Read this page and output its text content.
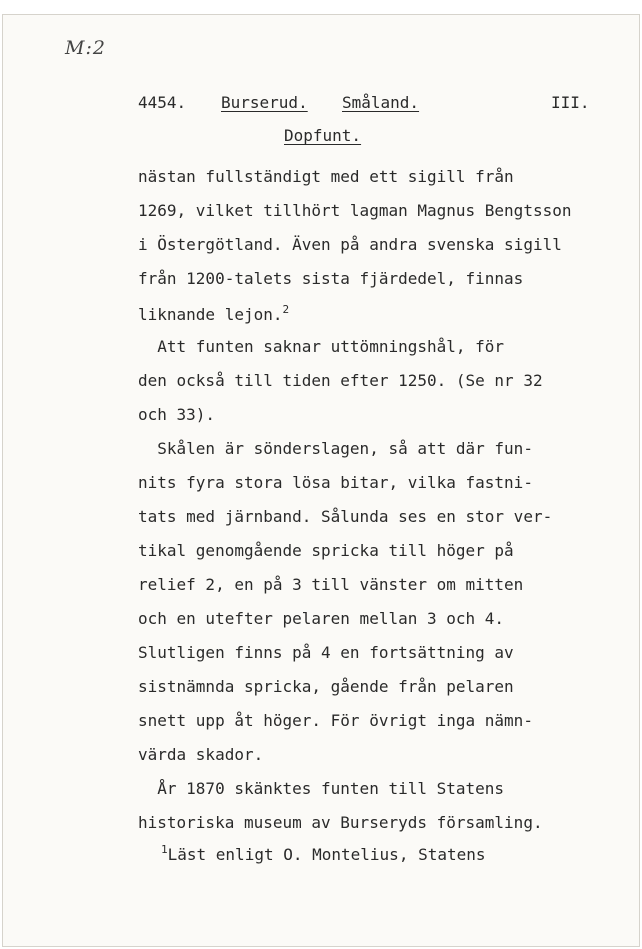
M:2
4454. Burserud. Småland.	III.
Dopfunt.
nästan fullständigt med ett sigill från
1269, vilket tillhört lagman Magnus Bengtsson
i Östergötland. Även på andra svenska sigill
från 1200-talets sista fjärdedel, finnas
liknande lejon.$^2$
Att funten saknar uttömningshål, för
den också till tiden efter 1250. (Se nr 32
och 33).
Skålen är sönderslagen, så att där fun-
nits fyra stora lösa bitar, vilka fastni-
tats med järnband. Sålunda ses en stor ver-
tikal genomgående spricka till höger på
relief 2, en på 3 till vänster om mitten
och en utefter pelaren mellan 3 och 4.
Slutligen finns på 4 en fortsättning av
sistnämnda spricka, gående från pelaren
snett upp åt höger. För övrigt inga nämn-
värda skador.
År 1870 skänktes funten till Statens
historiska museum av Burseryds församling.
$^1$Läst enligt O. Montelius, Statens
